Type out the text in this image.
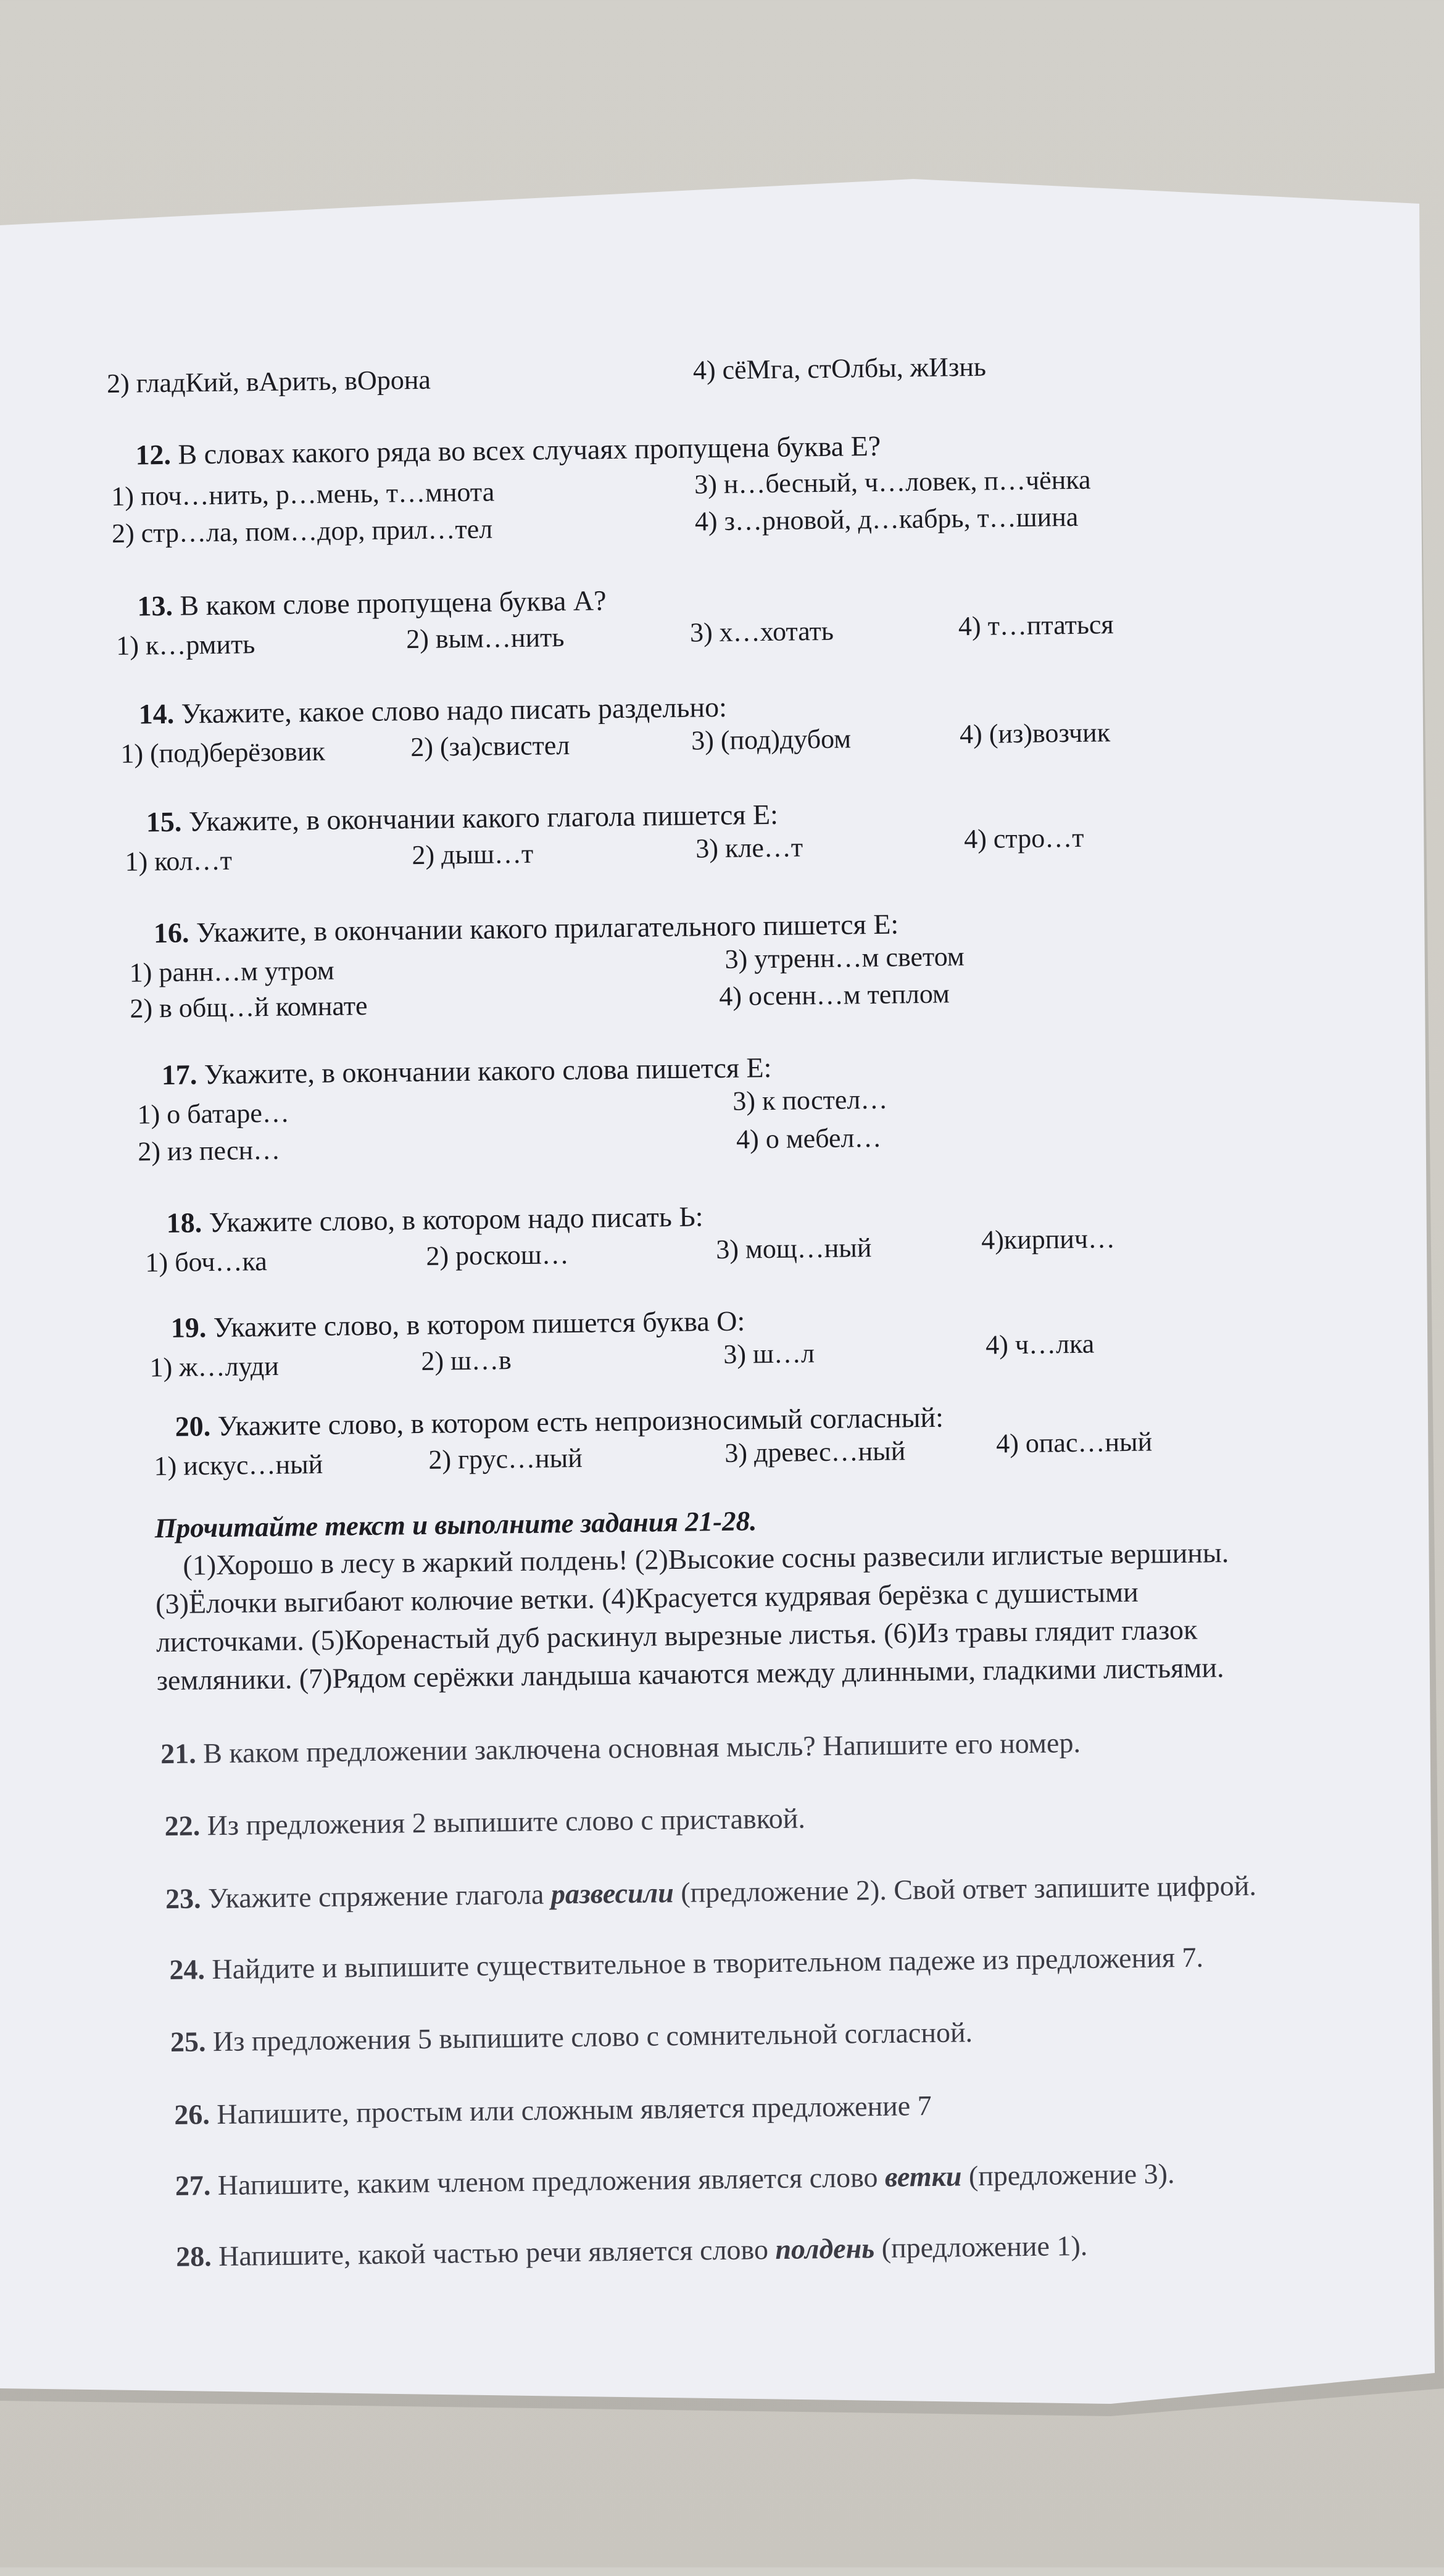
2) гладКий, вАрить, вОрона	4) сёМга, стОлбы, жИзнь
12. В словах какого ряда во всех случаях пропущена буква Е?
1) поч…нить, р…мень, т…мнота
2) стр…ла, пом…дор, прил…тел
3) н…бесный, ч…ловек, п…чёнка
4) з…рновой, д…кабрь, т…шина
13. В каком слове пропущена буква А?
1) к…рмить	2) вым…нить	3) х…хотать	4) т…птаться
14. Укажите, какое слово надо писать раздельно:
1) (под)берёзовик	2) (за)свистел	3) (под)дубом	4) (из)возчик
15. Укажите, в окончании какого глагола пишется Е:
1) кол…т	2) дыш…т	3) кле…т	4) стро…т
16. Укажите, в окончании какого прилагательного пишется Е:
1) ранн…м утром
2) в общ…й комнате
3) утренн…м светом
4) осенн…м теплом
17. Укажите, в окончании какого слова пишется Е:
1) о батаре…
2) из песн…
3) к постел…
4) о мебел…
18. Укажите слово, в котором надо писать Ь:
1) боч…ка	2) роскош…	3) мощ…ный	4)кирпич…
19. Укажите слово, в котором пишется буква О:
1) ж…луди	2) ш…в	3) ш…л	4) ч…лка
20. Укажите слово, в котором есть непроизносимый согласный:
1) искус…ный	2) грус…ный	3) древес…ный	4) опас…ный
Прочитайте текст и выполните задания 21-28.
(1)Хорошо в лесу в жаркий полдень! (2)Высокие сосны развесили иглистые вершины.
(3)Ёлочки выгибают колючие ветки. (4)Красуется кудрявая берёзка с душистыми
листочками. (5)Коренастый дуб раскинул вырезные листья. (6)Из травы глядит глазок
земляники. (7)Рядом серёжки ландыша качаются между длинными, гладкими листьями.
21. В каком предложении заключена основная мысль? Напишите его номер.
22. Из предложения 2 выпишите слово с приставкой.
23. Укажите спряжение глагола развесили (предложение 2). Свой ответ запишите цифрой.
24. Найдите и выпишите существительное в творительном падеже из предложения 7.
25. Из предложения 5 выпишите слово с сомнительной согласной.
26. Напишите, простым или сложным является предложение 7
27. Напишите, каким членом предложения является слово ветки (предложение 3).
28. Напишите, какой частью речи является слово полдень (предложение 1).
